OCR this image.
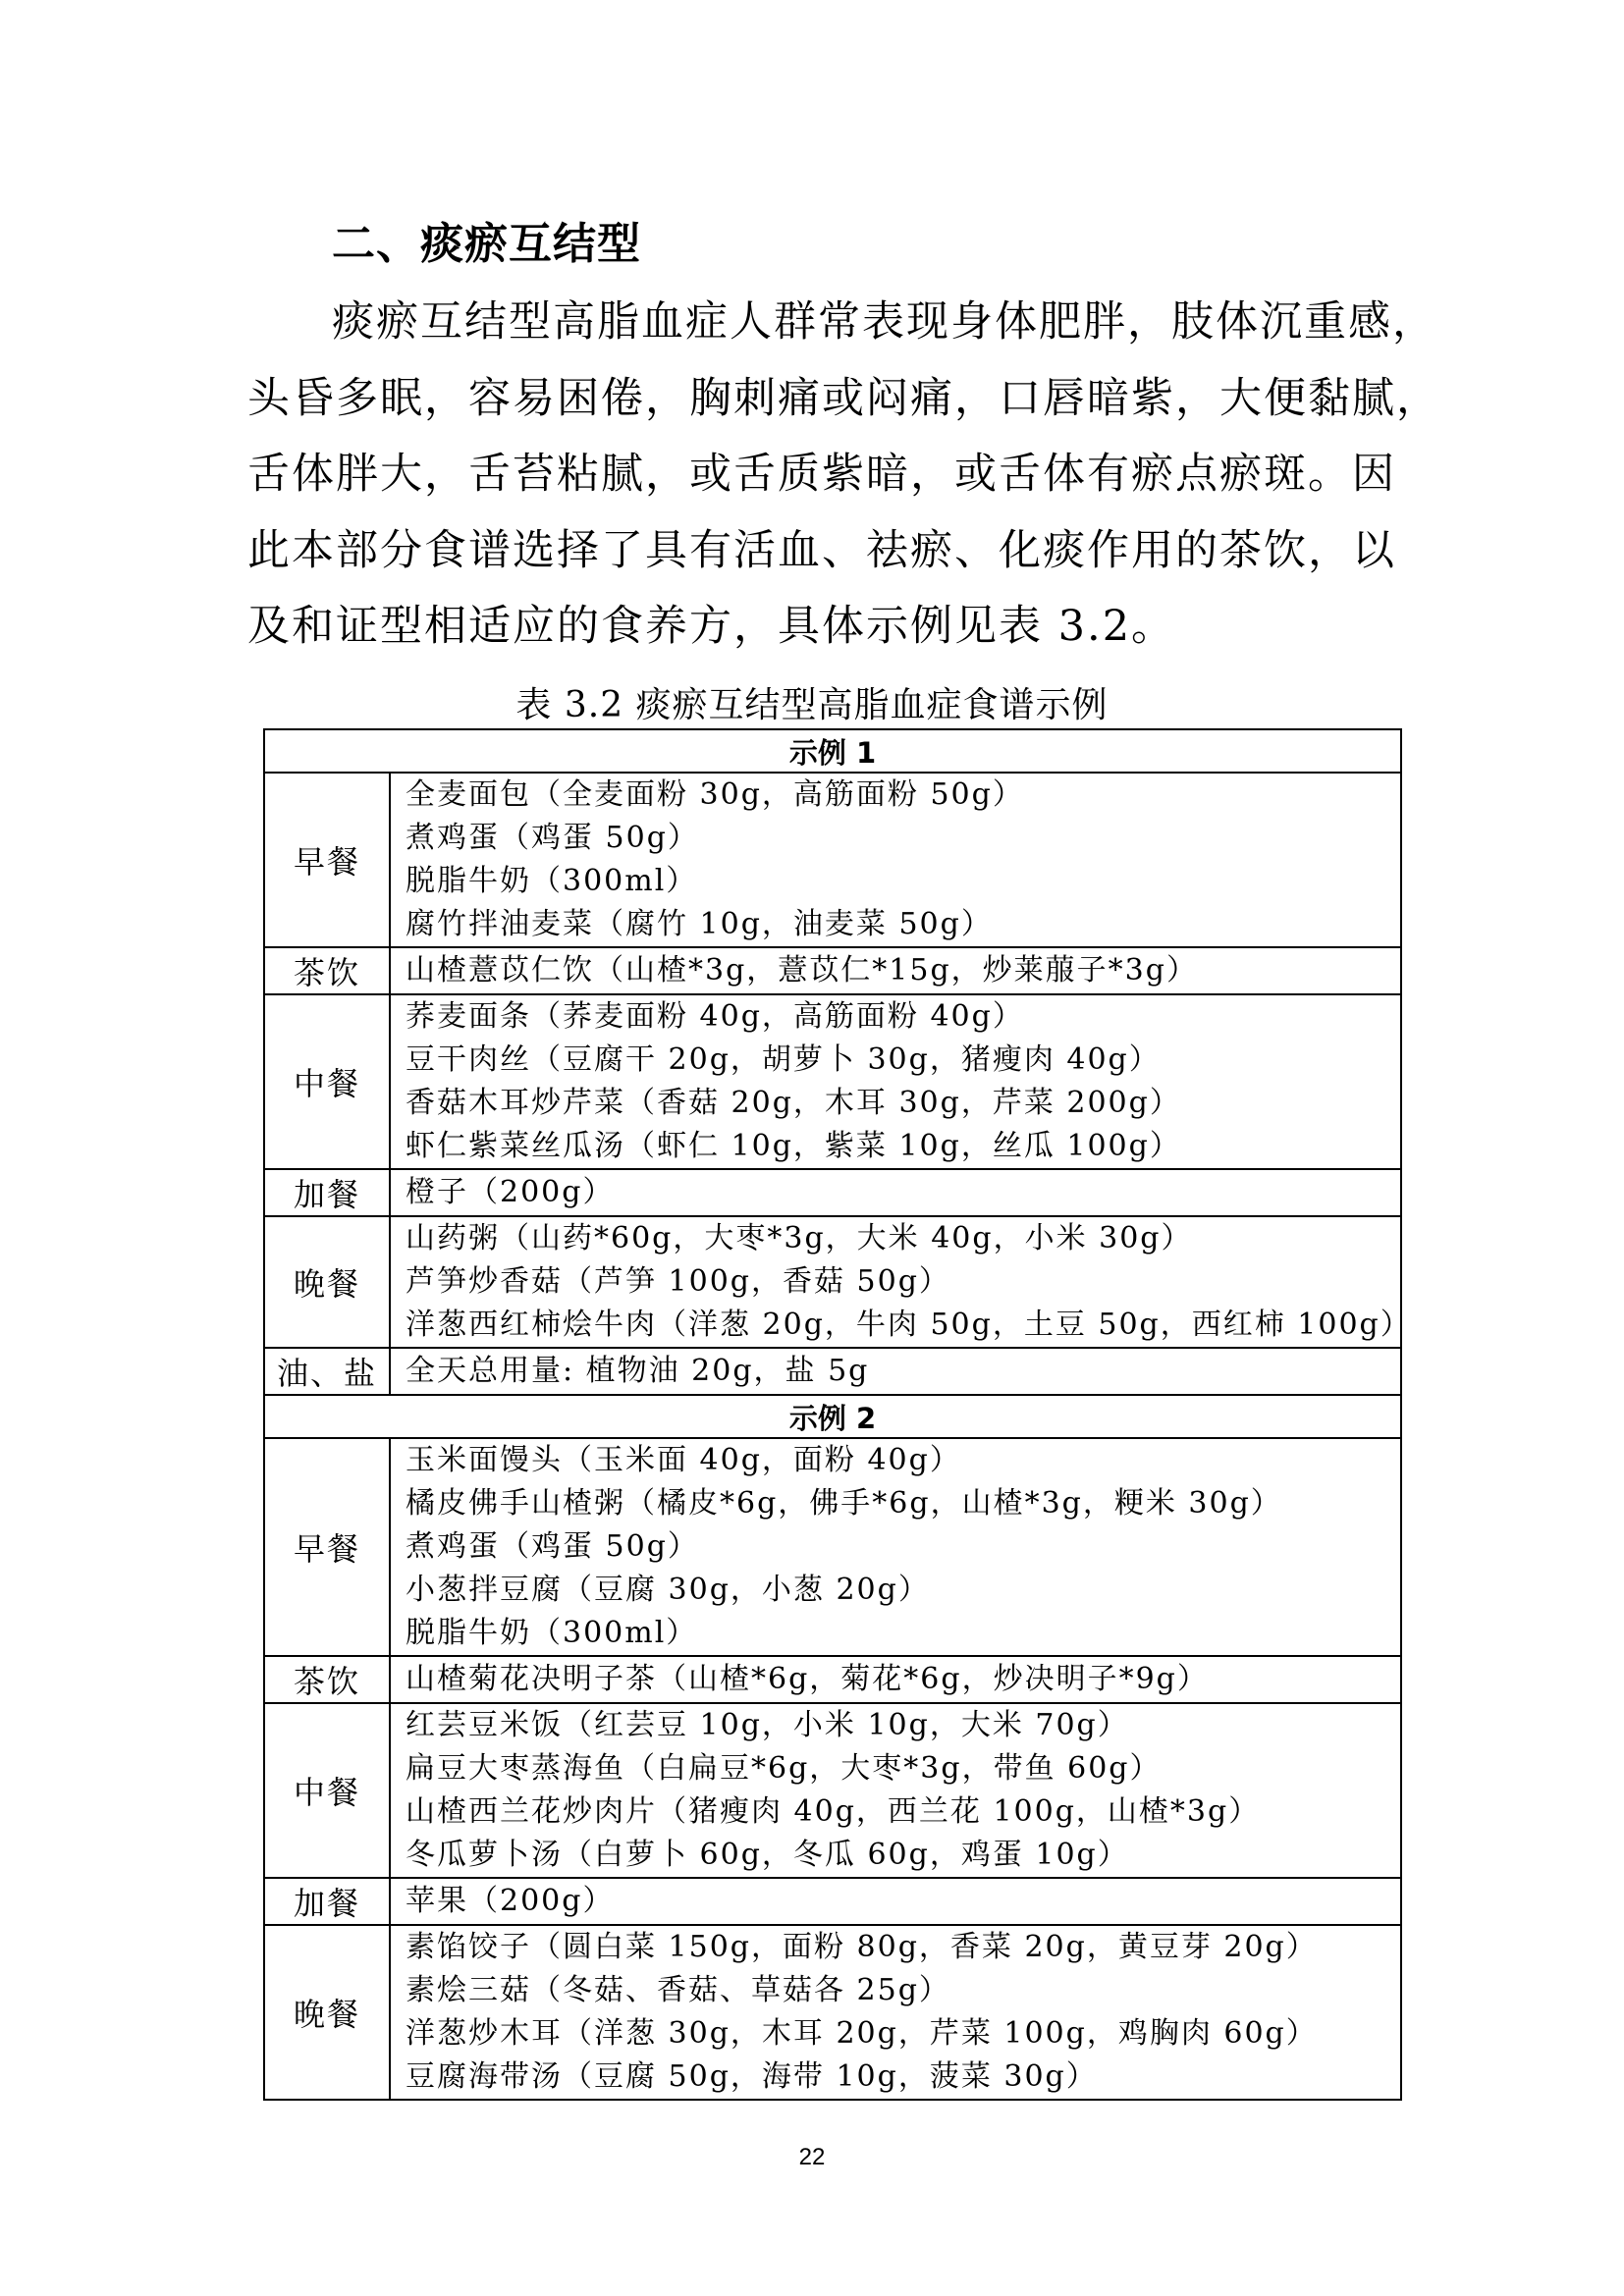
二、痰瘀互结型

痰瘀互结型高脂血症人群常表现身体肥胖，肢体沉重感，
头昏多眠，容易困倦，胸刺痛或闷痛，口唇暗紫，大便黏腻，
舌体胖大，舌苔粘腻，或舌质紫暗，或舌体有瘀点瘀斑。因
此本部分食谱选择了具有活血、祛瘀、化痰作用的茶饮，以
及和证型相适应的食养方，具体示例见表 3.2。

表 3.2 痰瘀互结型高脂血症食谱示例
示例 1	
早餐	全麦面包（全麦面粉 30g，高筋面粉 50g）
煮鸡蛋（鸡蛋 50g）
脱脂牛奶（300ml）
腐竹拌油麦菜（腐竹 10g，油麦菜 50g）

茶饮	山楂薏苡仁饮（山楂*3g，薏苡仁*15g，炒莱菔子*3g）

中餐	荞麦面条（荞麦面粉 40g，高筋面粉 40g）
豆干肉丝（豆腐干 20g，胡萝卜 30g，猪瘦肉 40g）
香菇木耳炒芹菜（香菇 20g，木耳 30g，芹菜 200g）
虾仁紫菜丝瓜汤（虾仁 10g，紫菜 10g，丝瓜 100g）

加餐	橙子（200g）

晚餐	山药粥（山药*60g，大枣*3g，大米 40g，小米 30g）
芦笋炒香菇（芦笋 100g，香菇 50g）
洋葱西红柿烩牛肉（洋葱 20g，牛肉 50g，土豆 50g，西红柿 100g）

油、盐	全天总用量: 植物油 20g，盐 5g

示例 2	
早餐	玉米面馒头（玉米面 40g，面粉 40g）
橘皮佛手山楂粥（橘皮*6g，佛手*6g，山楂*3g，粳米 30g）
煮鸡蛋（鸡蛋 50g）
小葱拌豆腐（豆腐 30g，小葱 20g）
脱脂牛奶（300ml）

茶饮	山楂菊花决明子茶（山楂*6g，菊花*6g，炒决明子*9g）

中餐	红芸豆米饭（红芸豆 10g，小米 10g，大米 70g）
扁豆大枣蒸海鱼（白扁豆*6g，大枣*3g，带鱼 60g）
山楂西兰花炒肉片（猪瘦肉 40g，西兰花 100g，山楂*3g）
冬瓜萝卜汤（白萝卜 60g，冬瓜 60g，鸡蛋 10g）

加餐	苹果（200g）

晚餐	素馅饺子（圆白菜 150g，面粉 80g，香菜 20g，黄豆芽 20g）
素烩三菇（冬菇、香菇、草菇各 25g）
洋葱炒木耳（洋葱 30g，木耳 20g，芹菜 100g，鸡胸肉 60g）
豆腐海带汤（豆腐 50g，海带 10g，菠菜 30g）
22
